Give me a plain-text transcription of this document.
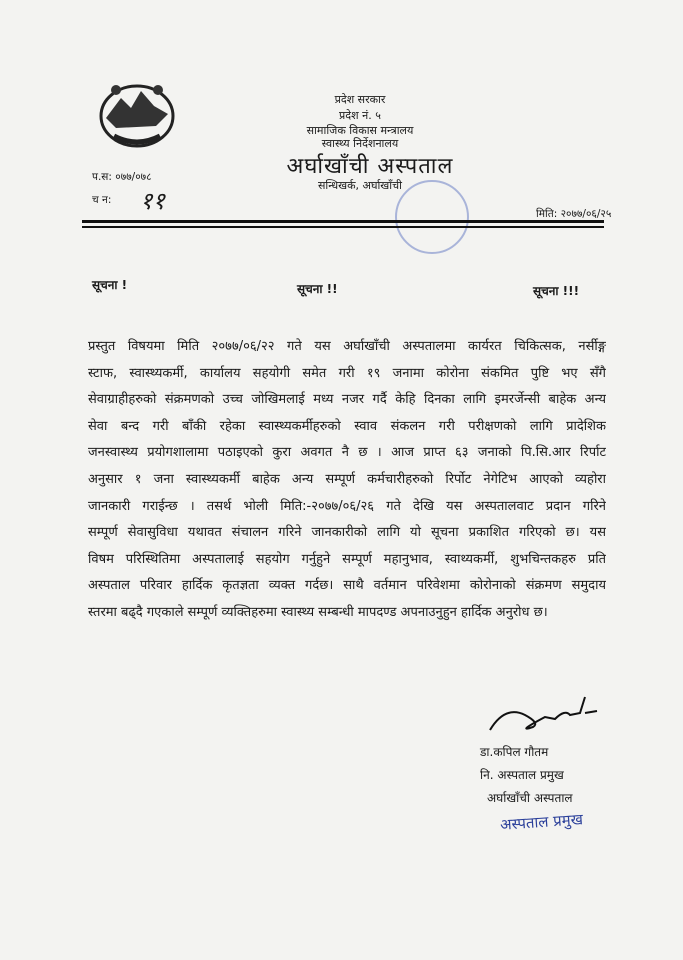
प्रदेश सरकार
प्रदेश नं. ५
सामाजिक विकास मन्त्रालय
स्वास्थ्य निर्देशनालय
अर्घाखाँची अस्पताल
सन्धिखर्क, अर्घाखाँची
प.स: ०७७/०७८
च न: ११	मिति: २०७७/०६/२५
सूचना !	सूचना !!	सूचना !!!
प्रस्तुत विषयमा मिति २०७७/०६/२२ गते यस अर्घाखाँची अस्पतालमा कार्यरत चिकित्सक, नर्सीङ्ग
स्टाफ, स्वास्थ्यकर्मी, कार्यालय सहयोगी समेत गरी १९ जनामा कोरोना संकमित पुष्टि भए सँगै
सेवाग्राहीहरुको संक्रमणको उच्च जोखिमलाई मध्य नजर गर्दै केहि दिनका लागि इमरर्जेन्सी बाहेक अन्य
सेवा बन्द गरी बाँकी रहेका स्वास्थ्यकर्मीहरुको स्वाव संकलन गरी परीक्षणको लागि प्रादेशिक
जनस्वास्थ्य प्रयोगशालामा पठाइएको कुरा अवगत नै छ । आज प्राप्त ६३ जनाको पि.सि.आर रिर्पाट
अनुसार १ जना स्वास्थ्यकर्मी बाहेक अन्य सम्पूर्ण कर्मचारीहरुको रिर्पोट नेगेटिभ आएको व्यहोरा
जानकारी गराईन्छ । तसर्थ भोली मिति:-२०७७/०६/२६ गते देखि यस अस्पतालवाट प्रदान गरिने
सम्पूर्ण सेवासुविधा यथावत संचालन गरिने जानकारीको लागि यो सूचना प्रकाशित गरिएको छ। यस
विषम परिस्थितिमा अस्पतालाई सहयोग गर्नुहुने सम्पूर्ण महानुभाव, स्वाथ्यकर्मी, शुभचिन्तकहरु प्रति
अस्पताल परिवार हार्दिक कृतज्ञता व्यक्त गर्दछ। साथै वर्तमान परिवेशमा कोरोनाको संक्रमण समुदाय
स्तरमा बढ्दै गएकाले सम्पूर्ण व्यक्तिहरुमा स्वास्थ्य सम्बन्धी मापदण्ड अपनाउनुहुन हार्दिक अनुरोध छ।
डा.कपिल गौतम
नि. अस्पताल प्रमुख
अर्घाखाँची अस्पताल
अस्पताल प्रमुख
